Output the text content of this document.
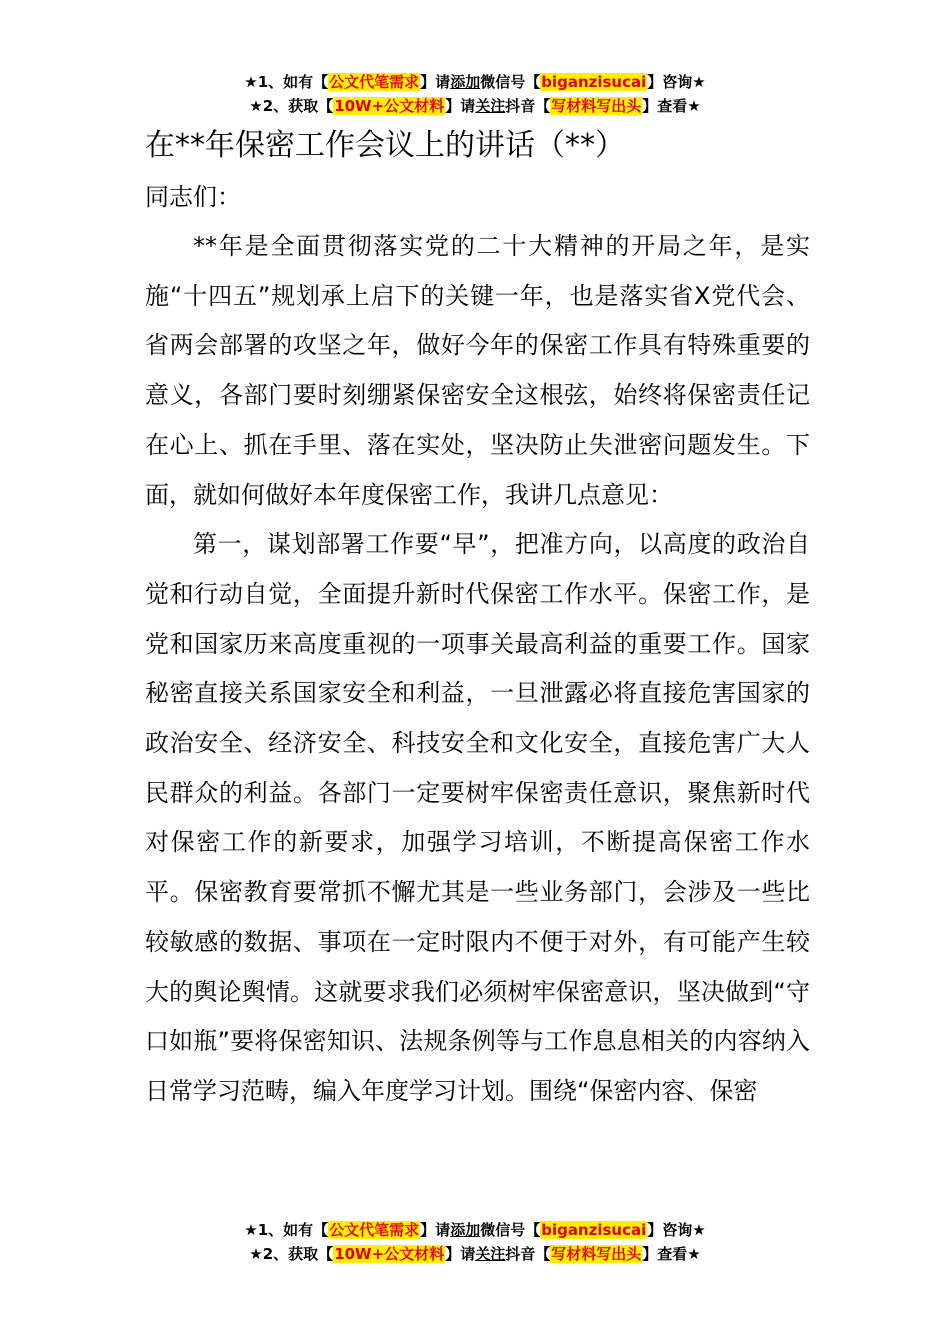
★1、如有【公文代笔需求】请添加微信号【biganzisucai】咨询★
★2、获取【10W+公文材料】请关注抖音【写材料写出头】查看★
在**年保密工作会议上的讲话（**）

同志们：

**年是全面贯彻落实党的二十大精神的开局之年，是实施“十四五”规划承上启下的关键一年，也是落实省X党代会、省两会部署的攻坚之年，做好今年的保密工作具有特殊重要的意义，各部门要时刻绷紧保密安全这根弦，始终将保密责任记在心上、抓在手里、落在实处，坚决防止失泄密问题发生。下面，就如何做好本年度保密工作，我讲几点意见：

第一，谋划部署工作要“早”，把准方向，以高度的政治自觉和行动自觉，全面提升新时代保密工作水平。保密工作，是党和国家历来高度重视的一项事关最高利益的重要工作。国家秘密直接关系国家安全和利益，一旦泄露必将直接危害国家的政治安全、经济安全、科技安全和文化安全，直接危害广大人民群众的利益。各部门一定要树牢保密责任意识，聚焦新时代对保密工作的新要求，加强学习培训，不断提高保密工作水平。保密教育要常抓不懈尤其是一些业务部门，会涉及一些比较敏感的数据、事项在一定时限内不便于对外，有可能产生较大的舆论舆情。这就要求我们必须树牢保密意识，坚决做到“守口如瓶”要将保密知识、法规条例等与工作息息相关的内容纳入日常学习范畴，编入年度学习计划。围绕“保密内容、保密

★1、如有【公文代笔需求】请添加微信号【biganzisucai】咨询★
★2、获取【10W+公文材料】请关注抖音【写材料写出头】查看★
